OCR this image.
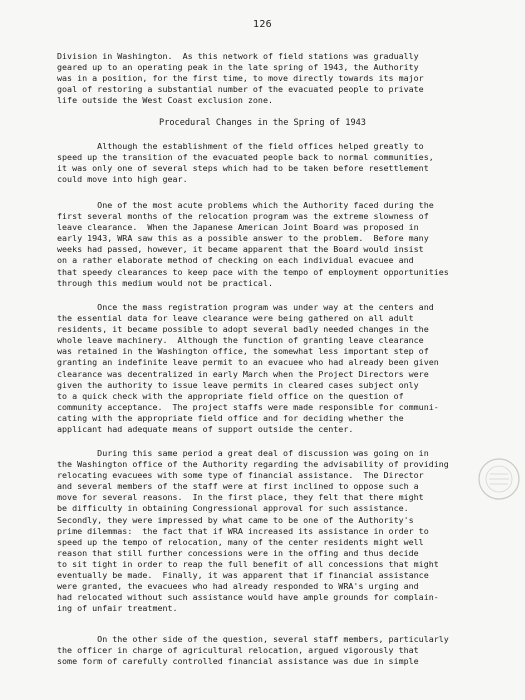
126
Division in Washington.  As this network of field stations was gradually
geared up to an operating peak in the late spring of 1943, the Authority
was in a position, for the first time, to move directly towards its major
goal of restoring a substantial number of the evacuated people to private
life outside the West Coast exclusion zone.
Procedural Changes in the Spring of 1943
Although the establishment of the field offices helped greatly to
speed up the transition of the evacuated people back to normal communities,
it was only one of several steps which had to be taken before resettlement
could move into high gear.
One of the most acute problems which the Authority faced during the
first several months of the relocation program was the extreme slowness of
leave clearance.  When the Japanese American Joint Board was proposed in
early 1943, WRA saw this as a possible answer to the problem.  Before many
weeks had passed, however, it became apparent that the Board would insist
on a rather elaborate method of checking on each individual evacuee and
that speedy clearances to keep pace with the tempo of employment opportunities
through this medium would not be practical.
Once the mass registration program was under way at the centers and
the essential data for leave clearance were being gathered on all adult
residents, it became possible to adopt several badly needed changes in the
whole leave machinery.  Although the function of granting leave clearance
was retained in the Washington office, the somewhat less important step of
granting an indefinite leave permit to an evacuee who had already been given
clearance was decentralized in early March when the Project Directors were
given the authority to issue leave permits in cleared cases subject only
to a quick check with the appropriate field office on the question of
community acceptance.  The project staffs were made responsible for communi-
cating with the appropriate field office and for deciding whether the
applicant had adequate means of support outside the center.
During this same period a great deal of discussion was going on in
the Washington office of the Authority regarding the advisability of providing
relocating evacuees with some type of financial assistance.  The Director
and several members of the staff were at first inclined to oppose such a
move for several reasons.  In the first place, they felt that there might
be difficulty in obtaining Congressional approval for such assistance.
Secondly, they were impressed by what came to be one of the Authority's
prime dilemmas:  the fact that if WRA increased its assistance in order to
speed up the tempo of relocation, many of the center residents might well
reason that still further concessions were in the offing and thus decide
to sit tight in order to reap the full benefit of all concessions that might
eventually be made.  Finally, it was apparent that if financial assistance
were granted, the evacuees who had already responded to WRA's urging and
had relocated without such assistance would have ample grounds for complain-
ing of unfair treatment.
On the other side of the question, several staff members, particularly
the officer in charge of agricultural relocation, argued vigorously that
some form of carefully controlled financial assistance was due in simple
